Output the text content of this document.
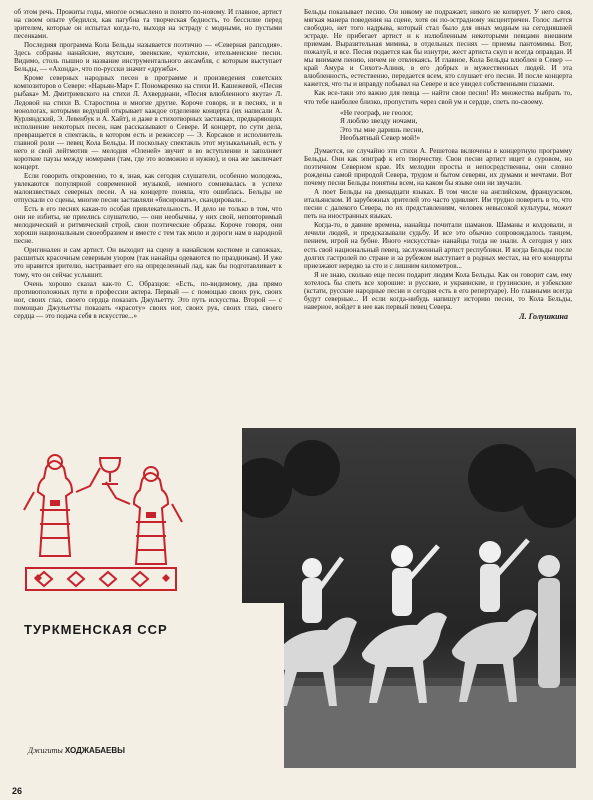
об этом речь. Прожиты годы, многое осмыслено и понято по-новому. И главное, артист на своем опыте убедился, как пагубна та творческая бедность, то бессилие перед зрителем, которые он испытал когда-то, выходя на эстраду с модными, но пустыми песенками.

Последняя программа Кола Бельды называется поэтично — «Северная рапсодия». Здесь собраны нанайские, якутские, эвенкские, чукотские, ительменские песни. Видимо, столь пышно и название инструментального ансамбля, с которым выступает Бельды, — «Ахонда», что по-русски значит «дружба».

Кроме северных народных песен в программе и произведения советских композиторов о Севере: «Нарьян-Мар» Г. Пономаренко на стихи И. Кашежевой, «Песня рыбака» М. Дмитриевского на стихи Л. Ахвердиани, «Песня влюбленного якута» Л. Ледовой на стихи В. Старостина и многие другие. Короче говоря, и в песнях, и в монологах, которыми ведущий открывает каждое отделение концерта (их написали А. Курляндский, Э. Левенбук и А. Хайт), и даже в стихотворных заставках, предваряющих исполнение некоторых песен, нам рассказывают о Севере. И концерт, по сути дела, превращается в спектакль, в котором есть и режиссер — Э. Корсаков и исполнитель главной роли — певец Кола Бельды. И поскольку спектакль этот музыкальный, есть у него и свой лейтмотив — мелодия «Оленей» звучит и во вступлении и заполняет короткие паузы между номерами (там, где это возможно и нужно), и она же заключает концерт.

Если говорить откровенно, то я, зная, как сегодня слушатели, особенно молодежь, увлекаются популярной современной музыкой, немного сомневалась в успехе малоизвестных северных песен. А на концерте поняла, что ошиблась. Бельды не отпускали со сцены, многие песни заставляли «бисировать», скандировали...

Есть в его песнях какая-то особая привлекательность. И дело не только в том, что они не избиты, не приелись слушателю, — они необычны, у них свой, неповторимый мелодический и ритмический строй, свои поэтические образы. Короче говоря, они хороши национальным своеобразием и вместе с тем так мило и дороги нам в народной песне.

Оригинален и сам артист. Он выходит на сцену в нанайском костюме и сапожках, расшитых красочным северным узором (так нанайцы одеваются по праздникам). И уже это нравится зрителю, настраивает его на определенный лад, как бы подготавливает к тому, что он сейчас услышит.

Очень хорошо сказал как-то С. Образцов: «Есть, по-видимому, два прямо противоположных пути в профессии актера. Первый — с помощью своих рук, своих ног, своих глаз, своего сердца показать Джульетту. Это путь искусства. Второй — с помощью Джульетты показать «красоту» своих ног, своих рук, своих глаз, своего сердца — это подача себя в искусстве...»

Бельды показывает песню. Он никому не подражает, никого не копирует. У него своя, мягкая манера поведения на сцене, хотя он по-эстрадному эксцентричен. Голос льется свободно, нет того надрыва, который стал было для иных модным на сегодняшней эстраде. Не прибегает артист и к излюбленным некоторыми певцами внешним приемам. Выразительная мимика, в отдельных песнях — приемы пантомимы. Вот, пожалуй, и все. Песня подается как бы изнутри, жест артиста скуп и всегда оправдан. И мы внимаем пению, ничем не отвлекаясь. И главное, Кола Бельды влюблен в Север — край Амура и Сихотэ-Алиня, в его добрых и мужественных людей. И эта влюбленность, естественно, передается всем, кто слушает его песни. И после концерта кажется, что ты и вправду побывал на Севере и все увидел собственными глазами.

Как все-таки это важно для певца — найти свои песни! Из множества выбрать то, что тебе наиболее близко, пропустить через свой ум и сердце, спеть по-своему.

«Не географ, не геолог,
Я люблю звезду ночами,
Это ты мне даришь песни,
Необъятный Север мой!»

Думается, не случайно эти стихи А. Решетова включены в концертную программу Бельды. Они как эпиграф к его творчеству. Свои песни артист ищет в суровом, но поэтичном Северном крае. Их мелодии просты и непосредственны, они словно рождены самой природой Севера, трудом и бытом северян, их думами и мечтами. Вот почему песни Бельды понятны всем, на каком бы языке они ни звучали.

А поет Бельды на двенадцати языках. В том числе на английском, французском, итальянском. И зарубежных зрителей это часто удивляет. Им трудно поверить в то, что песни с далекого Севера, по их представлениям, человек невысокой культуры, может петь на иностранных языках.

Когда-то, в давние времена, нанайцы почитали шаманов. Шаманы и колдовали, и лечили людей, и предсказывали судьбу. И все это обычно сопровождалось танцем, пением, игрой на бубне. Иного «искусства» нанайцы тогда не знали. А сегодня у них есть свой национальный певец, заслуженный артист республики. И когда Бельды после долгих гастролей по стране и за рубежом выступает в родных местах, на его концерты приезжают нередко за сто и с лишним километров...

Я не знаю, сколько еще песен подарит людям Кола Бельды. Как он говорит сам, ему хотелось бы спеть все хорошие: и русские, и украинские, и грузинские, и узбекские (кстати, русские народные песни и сегодня есть в его репертуаре). Но главными всегда будут северные... И если когда-нибудь напишут историю песни, то Кола Бельды, наверное, войдет в нее как первый певец Севера.

Л. Голушкина
ТУРКМЕНСКАЯ ССР
Джигиты ХОДЖАБАЕВЫ
26
